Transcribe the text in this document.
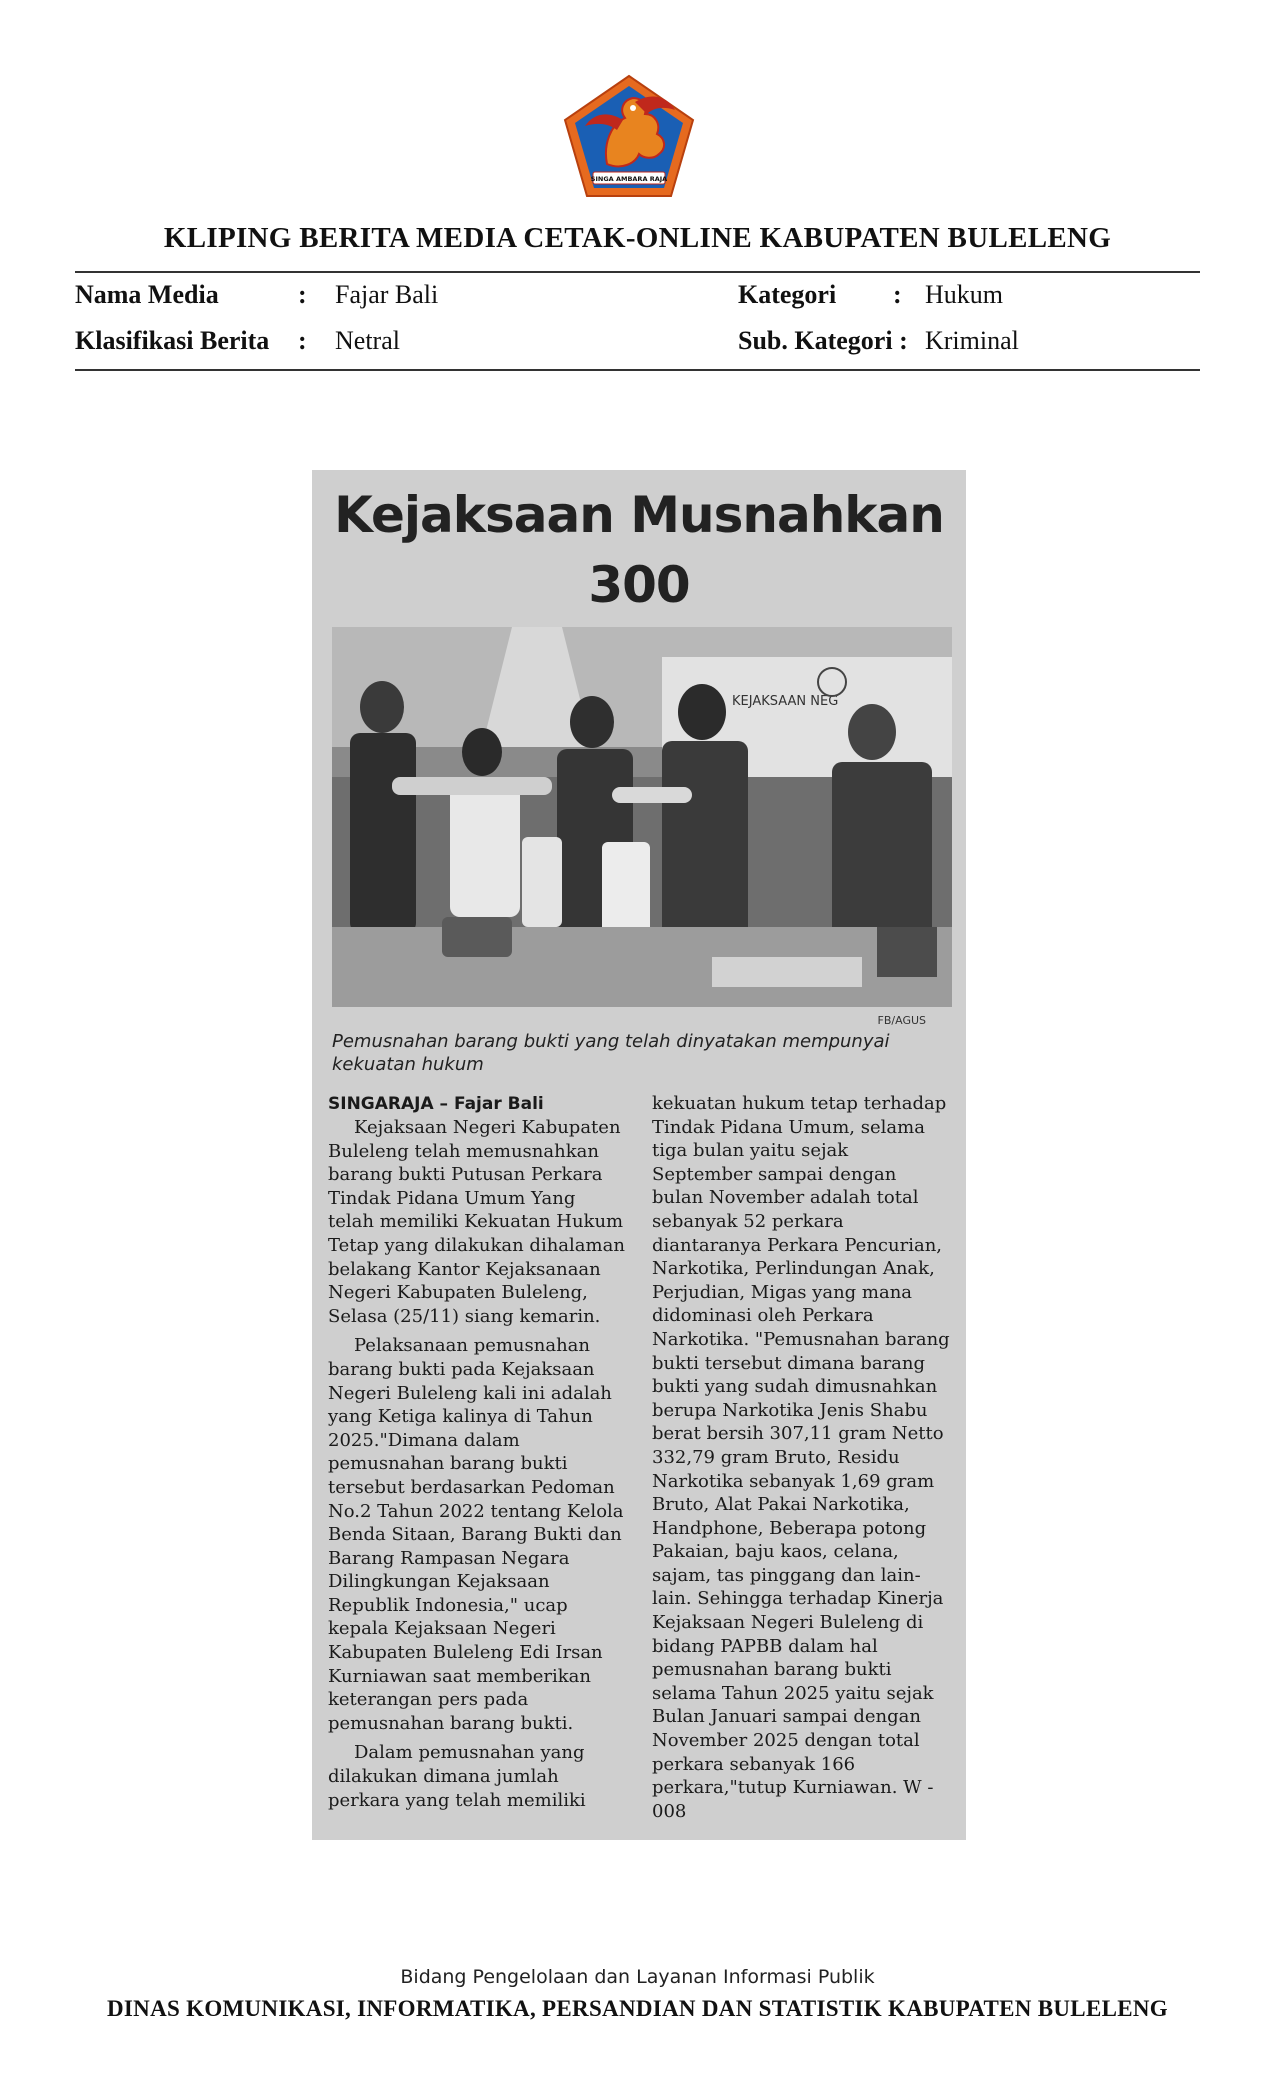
SINGA AMBARA RAJA
KLIPING BERITA MEDIA CETAK-ONLINE KABUPATEN BULELENG
Nama Media	: Fajar Bali	Kategori : Hukum
Klasifikasi Berita : Netral	Sub. Kategori : Kriminal
Kejaksaan Musnahkan 300
KEJAKSAAN NEG
FB/AGUS
Pemusnahan barang bukti yang telah dinyatakan mempunyai kekuatan hukum

SINGARAJA – Fajar Bali

Kejaksaan Negeri Kabupaten Buleleng telah memusnahkan barang bukti Putusan Perkara Tindak Pidana Umum Yang telah memiliki Kekuatan Hukum Tetap yang dilakukan dihalaman belakang Kantor Kejaksanaan Negeri Kabupaten Buleleng, Selasa (25/11) siang kemarin.

Pelaksanaan pemusnahan barang bukti pada Kejaksaan Negeri Buleleng kali ini adalah yang Ketiga kalinya di Tahun 2025."Dimana dalam pemusnahan barang bukti tersebut berdasarkan Pedoman No.2 Tahun 2022 tentang Kelola Benda Sitaan, Barang Bukti dan Barang Rampasan Negara Dilingkungan Kejaksaan Republik Indonesia," ucap kepala Kejaksaan Negeri Kabupaten Buleleng Edi Irsan Kurniawan saat memberikan keterangan pers pada pemusnahan barang bukti.

Dalam pemusnahan yang dilakukan dimana jumlah perkara yang telah memiliki

kekuatan hukum tetap terhadap Tindak Pidana Umum, selama tiga bulan yaitu sejak September sampai dengan bulan November adalah total sebanyak 52 perkara diantaranya Perkara Pencurian, Narkotika, Perlindungan Anak, Perjudian, Migas yang mana didominasi oleh Perkara Narkotika. "Pemusnahan barang bukti tersebut dimana barang bukti yang sudah dimusnahkan berupa Narkotika Jenis Shabu berat bersih 307,11 gram Netto 332,79 gram Bruto, Residu Narkotika sebanyak 1,69 gram Bruto, Alat Pakai Narkotika, Handphone, Beberapa potong Pakaian, baju kaos, celana, sajam, tas pinggang dan lain-lain. Sehingga terhadap Kinerja Kejaksaan Negeri Buleleng di bidang PAPBB dalam hal pemusnahan barang bukti selama Tahun 2025 yaitu sejak Bulan Januari sampai dengan November 2025 dengan total perkara sebanyak 166 perkara,"tutup Kurniawan. W - 008

Bidang Pengelolaan dan Layanan Informasi Publik
DINAS KOMUNIKASI, INFORMATIKA, PERSANDIAN DAN STATISTIK KABUPATEN BULELENG
